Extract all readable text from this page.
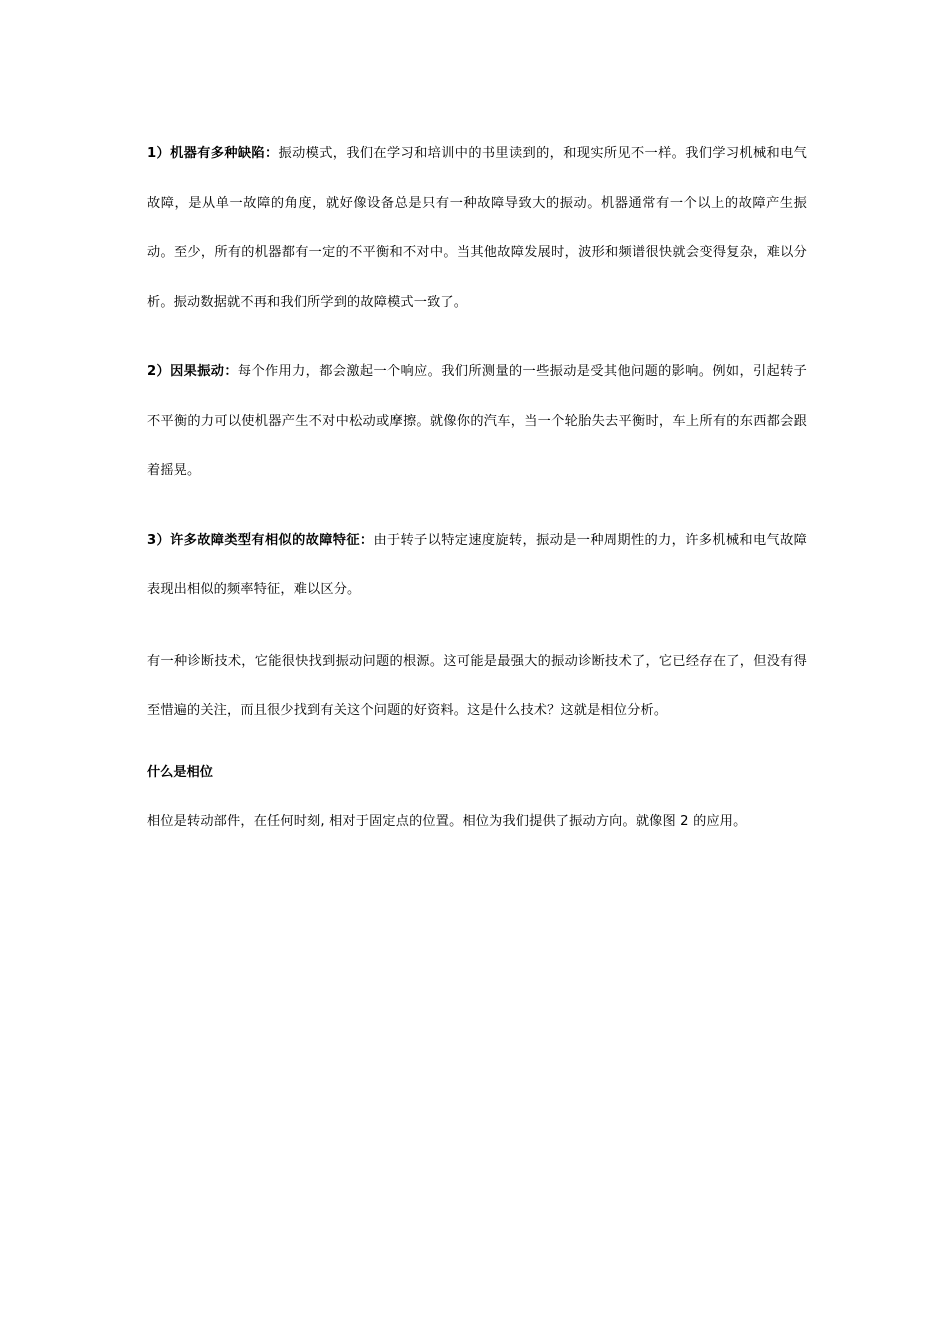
1）机器有多种缺陷：振动模式，我们在学习和培训中的书里读到的，和现实所见不一样。我们学习机械和电气故障，是从单一故障的角度，就好像设备总是只有一种故障导致大的振动。机器通常有一个以上的故障产生振动。至少，所有的机器都有一定的不平衡和不对中。当其他故障发展时，波形和频谱很快就会变得复杂，难以分析。振动数据就不再和我们所学到的故障模式一致了。

2）因果振动：每个作用力，都会激起一个响应。我们所测量的一些振动是受其他问题的影响。例如，引起转子不平衡的力可以使机器产生不对中松动或摩擦。就像你的汽车，当一个轮胎失去平衡时，车上所有的东西都会跟着摇晃。

3）许多故障类型有相似的故障特征：由于转子以特定速度旋转，振动是一种周期性的力，许多机械和电气故障表现出相似的频率特征，难以区分。

有一种诊断技术，它能很快找到振动问题的根源。这可能是最强大的振动诊断技术了，它已经存在了，但没有得至惜遍的关注，而且很少找到有关这个问题的好资料。这是什么技术？这就是相位分析。

什么是相位

相位是转动部件，在任何时刻, 相对于固定点的位置。相位为我们提供了振动方向。就像图 2 的应用。
